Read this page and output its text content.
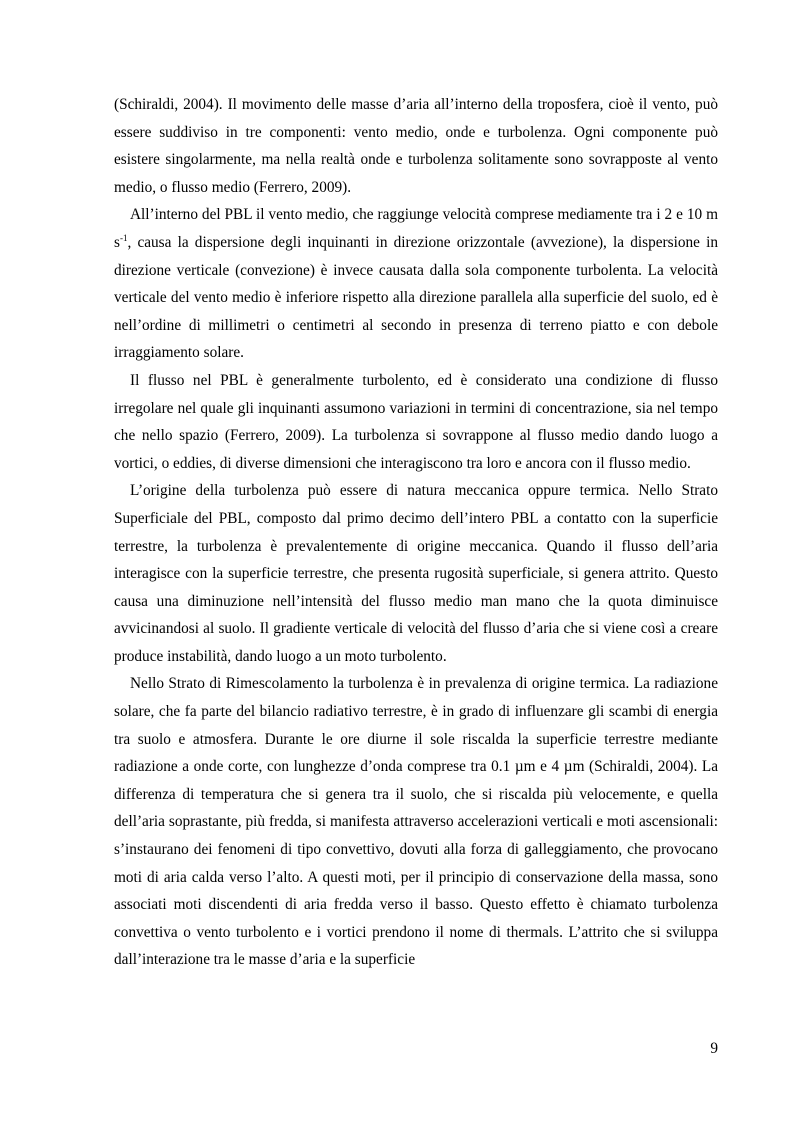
(Schiraldi, 2004). Il movimento delle masse d’aria all’interno della troposfera, cioè il vento, può essere suddiviso in tre componenti: vento medio, onde e turbolenza. Ogni componente può esistere singolarmente, ma nella realtà onde e turbolenza solitamente sono sovrapposte al vento medio, o flusso medio (Ferrero, 2009).

All’interno del PBL il vento medio, che raggiunge velocità comprese mediamente tra i 2 e 10 m $s^{-1}$, causa la dispersione degli inquinanti in direzione orizzontale (avvezione), la dispersione in direzione verticale (convezione) è invece causata dalla sola componente turbolenta. La velocità verticale del vento medio è inferiore rispetto alla direzione parallela alla superficie del suolo, ed è nell’ordine di millimetri o centimetri al secondo in presenza di terreno piatto e con debole irraggiamento solare.

Il flusso nel PBL è generalmente turbolento, ed è considerato una condizione di flusso irregolare nel quale gli inquinanti assumono variazioni in termini di concentrazione, sia nel tempo che nello spazio (Ferrero, 2009). La turbolenza si sovrappone al flusso medio dando luogo a vortici, o eddies, di diverse dimensioni che interagiscono tra loro e ancora con il flusso medio.

L’origine della turbolenza può essere di natura meccanica oppure termica. Nello Strato Superficiale del PBL, composto dal primo decimo dell’intero PBL a contatto con la superficie terrestre, la turbolenza è prevalentemente di origine meccanica. Quando il flusso dell’aria interagisce con la superficie terrestre, che presenta rugosità superficiale, si genera attrito. Questo causa una diminuzione nell’intensità del flusso medio man mano che la quota diminuisce avvicinandosi al suolo. Il gradiente verticale di velocità del flusso d’aria che si viene così a creare produce instabilità, dando luogo a un moto turbolento.

Nello Strato di Rimescolamento la turbolenza è in prevalenza di origine termica. La radiazione solare, che fa parte del bilancio radiativo terrestre, è in grado di influenzare gli scambi di energia tra suolo e atmosfera. Durante le ore diurne il sole riscalda la superficie terrestre mediante radiazione a onde corte, con lunghezze d’onda comprese tra 0.1 µm e 4 µm (Schiraldi, 2004). La differenza di temperatura che si genera tra il suolo, che si riscalda più velocemente, e quella dell’aria soprastante, più fredda, si manifesta attraverso accelerazioni verticali e moti ascensionali: s’instaurano dei fenomeni di tipo convettivo, dovuti alla forza di galleggiamento, che provocano moti di aria calda verso l’alto. A questi moti, per il principio di conservazione della massa, sono associati moti discendenti di aria fredda verso il basso. Questo effetto è chiamato turbolenza convettiva o vento turbolento e i vortici prendono il nome di thermals. L’attrito che si sviluppa dall’interazione tra le masse d’aria e la superficie

9
